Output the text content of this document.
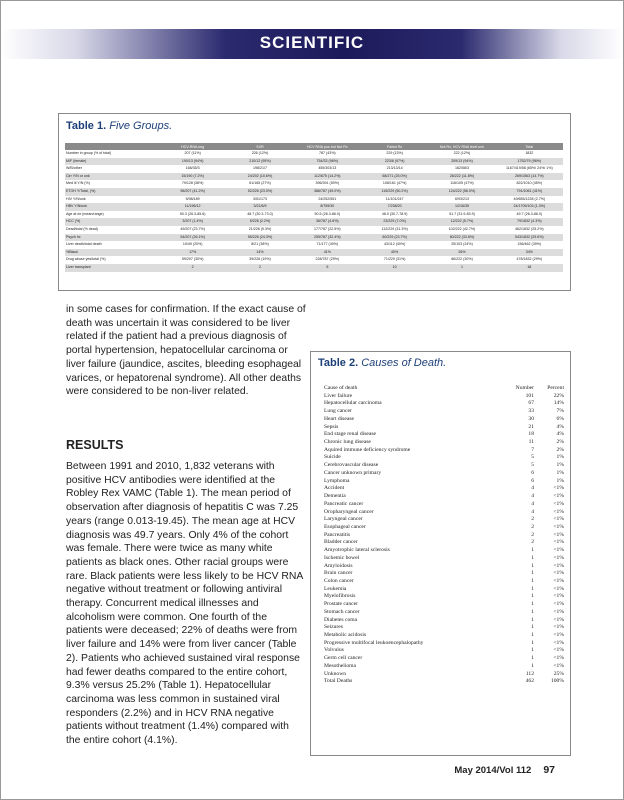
SCIENTIFIC
Table 1. Five Groups.
	HCV-RNA neg	SVR	HCV RNA pos but Not Rx	Failed Rx	Not Rx, HCV RNA level unk	Total
Number in group (% of total)	207 (11%)	226 (12%)	787 (43%)	229 (13%)	222 (12%)	1832
M/F (female)	190/13 (94%)	210/12 (95%)	754/33 (96%)	223/6 (97%)	209/13 (94%)	1752/79 (96%)
W/B/other	168/35/3	198/21/7	455/303/13	213/13/14	162/58/3	1167/419/58 (65%/ 24%/ 1%)
Cirr Y/N or unk	15/190 (7.2%)	24/202 (10.6%)	112/675 (14.2%)	68/271 (25.0%)	26/222 (11.8%)	269/1563 (14.7%)
Med ill Y/N (%)	79/128 (38%)	61/165 (27%)	396/391 (50%)	108/161 (47%)	116/105 (47%)	822/1010 (45%)
ETOH Y/Total, (%)	96/207 (41.2%)	52/226 (23.0%)	386/787 (49.0%)	115/229 (50.2%)	124/222 (56.0%)	791/1061 (41%)
HIV Y/N/unk	5/98/189	3/51/173	24/252/551	11/101/247	6/93/213	49/655/1228 (2.7%)
HBV Y/N/unk	11/196/12	3/21/6/9	8/759/30	7/238/20	1/216/35	24/1705/103 (1.3%)
Age at dx (mean/range)	50.3 (26.3-85.6)	48.7 (30.3-73.0)	50.5 (26.3-86.0)	48.0 (30.7-78.9)	51.7 (31.9-83.9)	49.7 (26.3-86.0)
HCC (%)	3/207 (1.4%)	5/226 (2.2%)	36/787 (4.6%)	23/229 (7.0%)	12/222 (5.7%)	79/1832 (4.3%)
Dead/total (% dead)	49/207 (23.7%)	21/226 (9.3%)	177/787 (22.5%)	112/229 (31.3%)	102/222 (42.7%)	462/1832 (25.2%)
Psych hx	54/207 (26.1%)	55/226 (24.3%)	255/787 (32.4%)	60/229 (23.7%)	60/222 (33.8%)	543/1832 (29.6%)
Liver death/total death	10/49 (20%)	8/21 (38%)	71/177 (40%)	43/112 (40%)	25/103 (24%)	156/462 (39%)
%Black	17%	14%	41%	40%	26%	34%
Drug abuse yes/total (%)	59/207 (30%)	39/226 (19%)	228/787 (29%)	71/229 (31%)	66/222 (30%)	478/1832 (29%)
Liver transplant	2	2	5	10	1	18

in some cases for confirmation. If the exact cause of death was uncertain it was considered to be liver related if the patient had a previous diagnosis of portal hypertension, hepatocellular carcinoma or liver failure (jaundice, ascites, bleeding esophageal varices, or hepatorenal syndrome). All other deaths were considered to be non-liver related.

RESULTS

Between 1991 and 2010, 1,832 veterans with positive HCV antibodies were identified at the Robley Rex VAMC (Table 1). The mean period of observation after diagnosis of hepatitis C was 7.25 years (range 0.013-19.45). The mean age at HCV diagnosis was 49.7 years. Only 4% of the cohort was female. There were twice as many white patients as black ones. Other racial groups were rare. Black patients were less likely to be HCV RNA negative without treatment or following antiviral therapy. Concurrent medical illnesses and alcoholism were common. One fourth of the patients were deceased; 22% of deaths were from liver failure and 14% were from liver cancer (Table 2). Patients who achieved sustained viral response had fewer deaths compared to the entire cohort, 9.3% versus 25.2% (Table 1). Hepatocellular carcinoma was less common in sustained viral responders (2.2%) and in HCV RNA negative patients without treatment (1.4%) compared with the entire cohort (4.1%).

Table 2. Causes of Death.
Cause of death	Number	Percent
Liver failure	101	22%
Hepatocellular carcinoma	67	14%
Lung cancer	33	7%
Heart disease	30	6%
Sepsis	21	4%
End stage renal disease	18	4%
Chronic lung disease	11	2%
Aquired immune deficiency syndrome	7	2%
Suicide	5	1%
Cerebrovascular disease	5	1%
Cancer unknown primary	6	1%
Lymphoma	6	1%
Accident	4	<1%
Dementia	4	<1%
Pancreatic cancer	4	<1%
Oropharyngeal cancer	4	<1%
Laryngeal cancer	2	<1%
Esophageal cancer	2	<1%
Pancreatitis	2	<1%
Bladder cancer	2	<1%
Amyotrophic lateral sclerosis	1	<1%
Ischemic bowel	1	<1%
Amyloidosis	1	<1%
Brain cancer	1	<1%
Colon cancer	1	<1%
Leukemia	1	<1%
Myelofibrosis	1	<1%
Prostate cancer	1	<1%
Stomach cancer	1	<1%
Diabetes coma	1	<1%
Seizures	1	<1%
Metabolic acidosis	1	<1%
Progressive multifocal leukoencephalopathy	1	<1%
Volvulus	1	<1%
Germ cell cancer	1	<1%
Mesothelioma	1	<1%
Unknown	112	25%
Total Deaths	462	100%
May 2014/Vol 112 97
